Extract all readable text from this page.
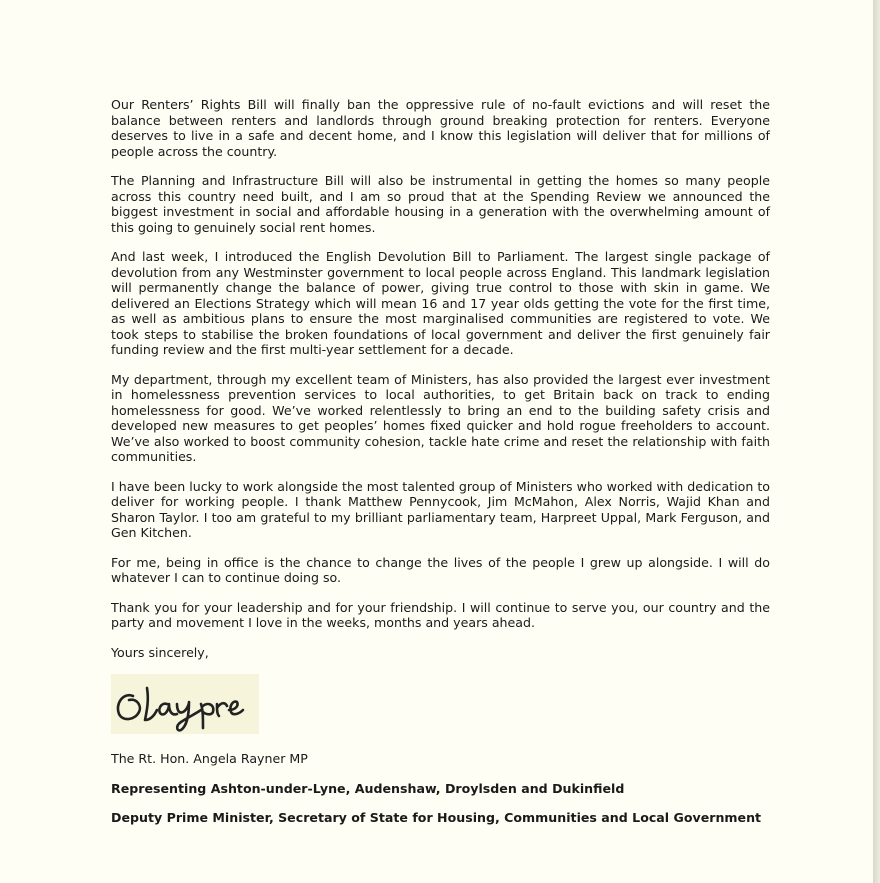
Our Renters’ Rights Bill will finally ban the oppressive rule of no-fault evictions and will reset the balance between renters and landlords through ground breaking protection for renters. Everyone deserves to live in a safe and decent home, and I know this legislation will deliver that for millions of people across the country.

The Planning and Infrastructure Bill will also be instrumental in getting the homes so many people across this country need built, and I am so proud that at the Spending Review we announced the biggest investment in social and affordable housing in a generation with the overwhelming amount of this going to genuinely social rent homes.

And last week, I introduced the English Devolution Bill to Parliament. The largest single package of devolution from any Westminster government to local people across England. This landmark legislation will permanently change the balance of power, giving true control to those with skin in game. We delivered an Elections Strategy which will mean 16 and 17 year olds getting the vote for the first time, as well as ambitious plans to ensure the most marginalised communities are registered to vote. We took steps to stabilise the broken foundations of local government and deliver the first genuinely fair funding review and the first multi-year settlement for a decade.

My department, through my excellent team of Ministers, has also provided the largest ever investment in homelessness prevention services to local authorities, to get Britain back on track to ending homelessness for good. We’ve worked relentlessly to bring an end to the building safety crisis and developed new measures to get peoples’ homes fixed quicker and hold rogue freeholders to account. We’ve also worked to boost community cohesion, tackle hate crime and reset the relationship with faith communities.

I have been lucky to work alongside the most talented group of Ministers who worked with dedication to deliver for working people. I thank Matthew Pennycook, Jim McMahon, Alex Norris, Wajid Khan and Sharon Taylor. I too am grateful to my brilliant parliamentary team, Harpreet Uppal, Mark Ferguson, and Gen Kitchen.

For me, being in office is the chance to change the lives of the people I grew up alongside. I will do whatever I can to continue doing so.

Thank you for your leadership and for your friendship. I will continue to serve you, our country and the party and movement I love in the weeks, months and years ahead.

Yours sincerely,

The Rt. Hon. Angela Rayner MP

Representing Ashton-under-Lyne, Audenshaw, Droylsden and Dukinfield

Deputy Prime Minister, Secretary of State for Housing, Communities and Local Government
